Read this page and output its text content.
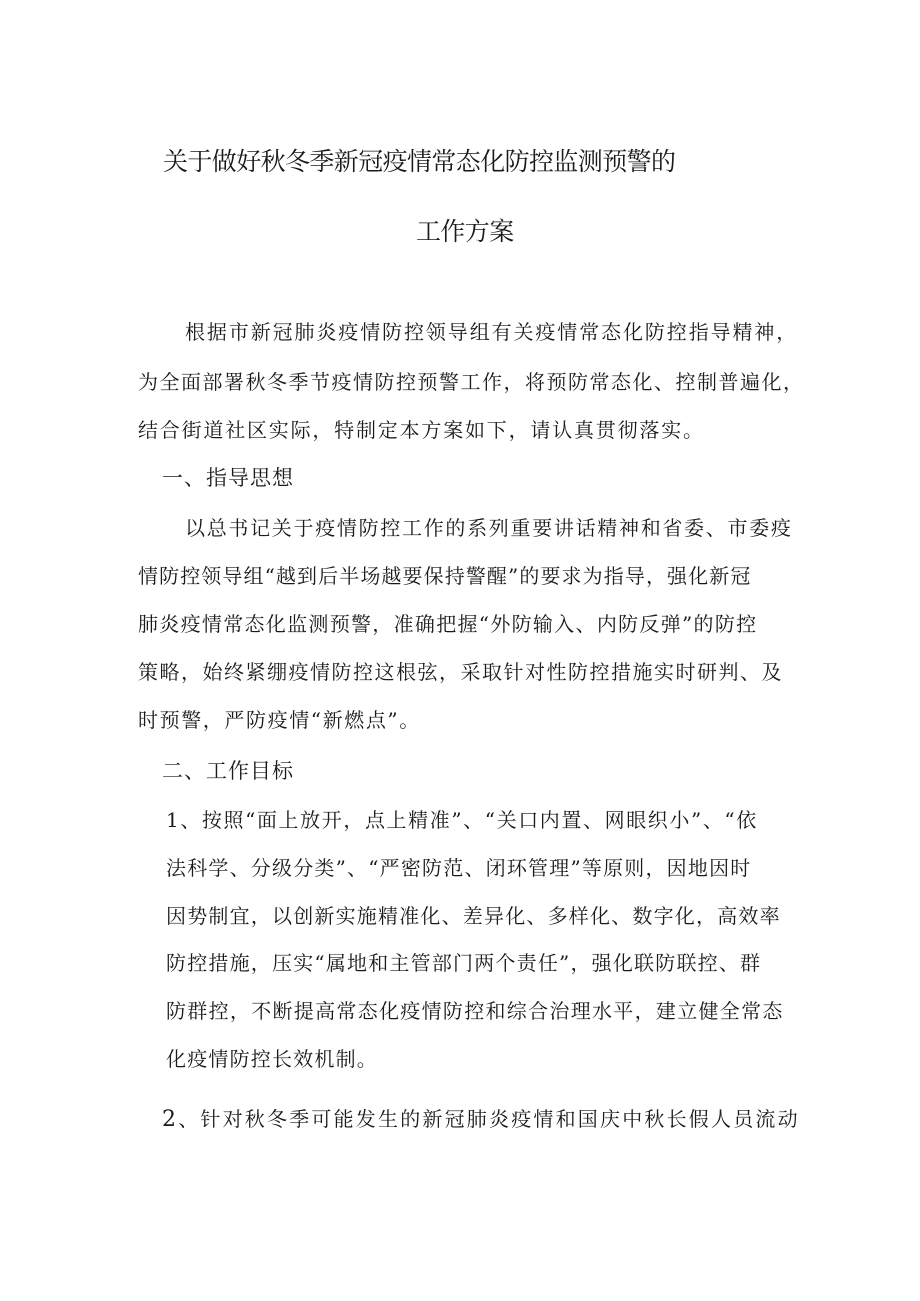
关于做好秋冬季新冠疫情常态化防控监测预警的
工作方案
根据市新冠肺炎疫情防控领导组有关疫情常态化防控指导精神，
为全面部署秋冬季节疫情防控预警工作，将预防常态化、控制普遍化，
结合街道社区实际，特制定本方案如下，请认真贯彻落实。
一、指导思想
以总书记关于疫情防控工作的系列重要讲话精神和省委、市委疫
情防控领导组“越到后半场越要保持警醒”的要求为指导，强化新冠
肺炎疫情常态化监测预警，准确把握“外防输入、内防反弹”的防控
策略，始终紧绷疫情防控这根弦，采取针对性防控措施实时研判、及
时预警，严防疫情“新燃点”。
二、工作目标
1、按照“面上放开，点上精准”、“关口内置、网眼织小”、“依
法科学、分级分类”、“严密防范、闭环管理”等原则，因地因时
因势制宜，以创新实施精准化、差异化、多样化、数字化，高效率
防控措施，压实“属地和主管部门两个责任”，强化联防联控、群
防群控，不断提高常态化疫情防控和综合治理水平，建立健全常态
化疫情防控长效机制。
2、针对秋冬季可能发生的新冠肺炎疫情和国庆中秋长假人员流动
